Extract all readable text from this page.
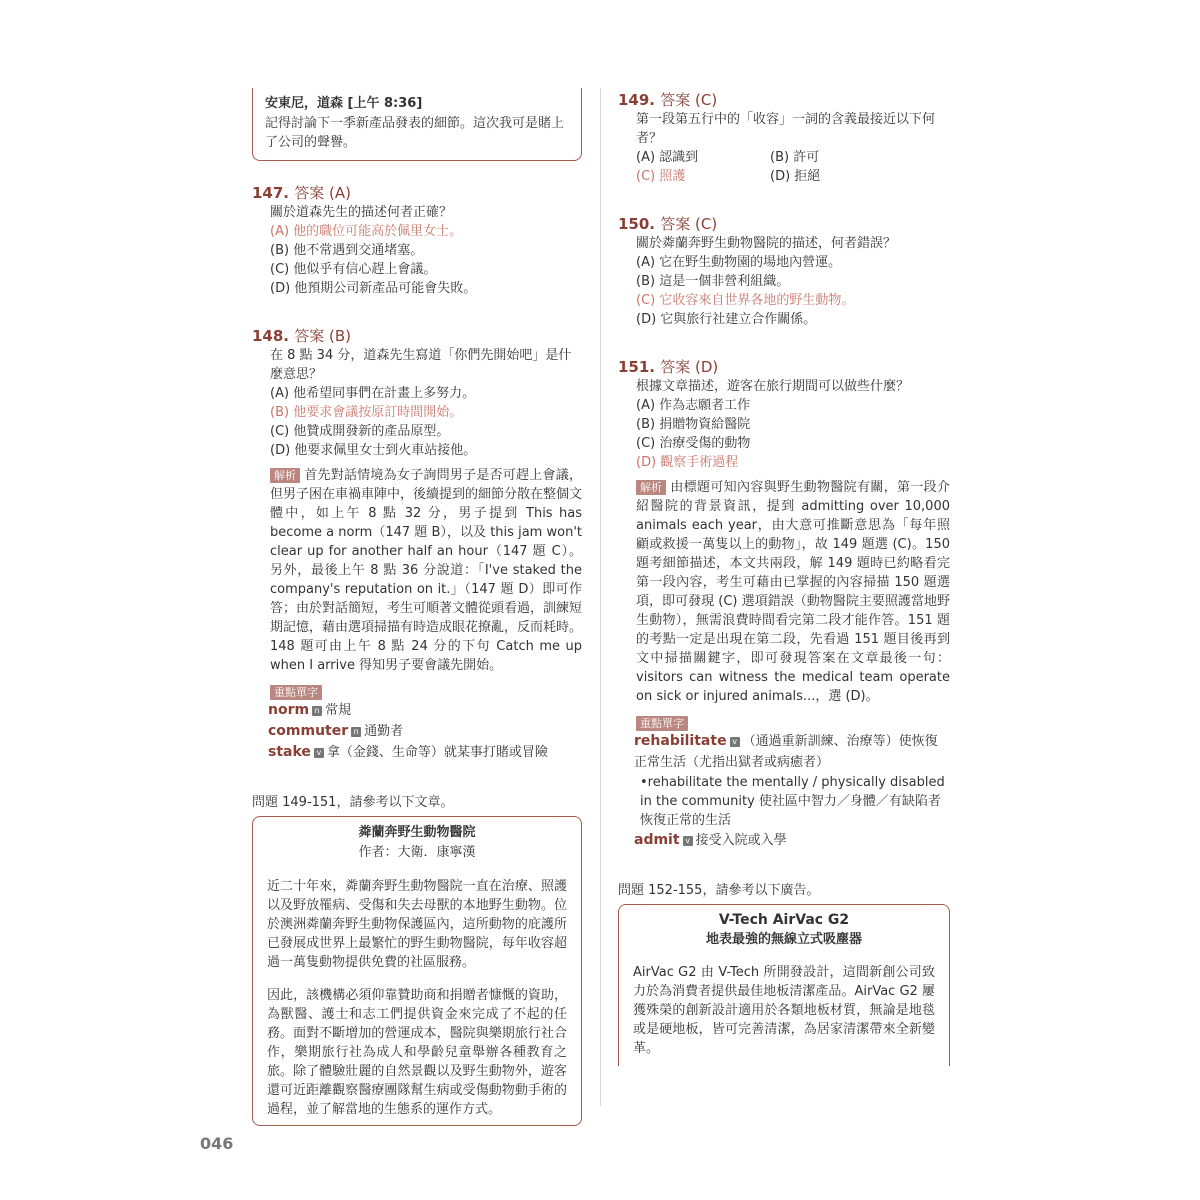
安東尼，道森 [上午 8:36]
記得討論下一季新產品發表的細節。這次我可是賭上了公司的聲譽。
147. 答案 (A)
關於道森先生的描述何者正確？
(A) 他的職位可能高於佩里女士。
(B) 他不常遇到交通堵塞。
(C) 他似乎有信心趕上會議。
(D) 他預期公司新產品可能會失敗。
148. 答案 (B)
在 8 點 34 分，道森先生寫道「你們先開始吧」是什麼意思？
(A) 他希望同事們在計畫上多努力。
(B) 他要求會議按原訂時間開始。
(C) 他贊成開發新的產品原型。
(D) 他要求佩里女士到火車站接他。
解析 首先對話情境為女子詢問男子是否可趕上會議，但男子困在車禍車陣中，後續提到的細節分散在整個文體中，如上午 8 點 32 分，男子提到 This has become a norm（147 題 B），以及 this jam won't clear up for another half an hour（147 題 C）。另外，最後上午 8 點 36 分說道：「I've staked the company's reputation on it.」（147 題 D）即可作答；由於對話簡短，考生可順著文體從頭看過，訓練短期記憶，藉由選項掃描有時造成眼花撩亂，反而耗時。148 題可由上午 8 點 24 分的下句 Catch me up when I arrive 得知男子要會議先開始。
重點單字
norm n 常規
commuter n 通勤者
stake v 拿（金錢、生命等）就某事打賭或冒險
問題 149-151，請參考以下文章。
粦蘭奔野生動物醫院
作者：大衛．康寧漢
近二十年來，粦蘭奔野生動物醫院一直在治療、照護以及野放罹病、受傷和失去母獸的本地野生動物。位於澳洲粦蘭奔野生動物保護區內，這所動物的庇護所已發展成世界上最繁忙的野生動物醫院，每年收容超過一萬隻動物提供免費的社區服務。
因此，該機構必須仰靠贊助商和捐贈者慷慨的資助，為獸醫、護士和志工們提供資金來完成了不起的任務。面對不斷增加的營運成本，醫院與樂期旅行社合作，樂期旅行社為成人和學齡兒童舉辦各種教育之旅。除了體驗壯麗的自然景觀以及野生動物外，遊客還可近距離觀察醫療團隊幫生病或受傷動物動手術的過程，並了解當地的生態系的運作方式。
149. 答案 (C)
第一段第五行中的「收容」一詞的含義最接近以下何者？
(A) 認識到	(B) 許可
(C) 照護	(D) 拒絕
150. 答案 (C)
關於粦蘭奔野生動物醫院的描述，何者錯誤？
(A) 它在野生動物園的場地內營運。
(B) 這是一個非營利組織。
(C) 它收容來自世界各地的野生動物。
(D) 它與旅行社建立合作關係。
151. 答案 (D)
根據文章描述，遊客在旅行期間可以做些什麼？
(A) 作為志願者工作
(B) 捐贈物資給醫院
(C) 治療受傷的動物
(D) 觀察手術過程
解析 由標題可知內容與野生動物醫院有關，第一段介紹醫院的背景資訊，提到 admitting over 10,000 animals each year，由大意可推斷意思為「每年照顧或救援一萬隻以上的動物」，故 149 題選 (C)。150 題考細節描述，本文共兩段，解 149 題時已約略看完第一段內容，考生可藉由已掌握的內容掃描 150 題選項，即可發現 (C) 選項錯誤（動物醫院主要照護當地野生動物），無需浪費時間看完第二段才能作答。151 題的考點一定是出現在第二段，先看過 151 題目後再到文中掃描關鍵字，即可發現答案在文章最後一句：visitors can witness the medical team operate on sick or injured animals...，選 (D)。
重點單字
rehabilitate v （通過重新訓練、治療等）使恢復正常生活（尤指出獄者或病癒者）
•rehabilitate the mentally / physically disabled in the community 使社區中智力／身體／有缺陷者恢復正常的生活
admit v 接受入院或入學
問題 152-155，請參考以下廣告。
V-Tech AirVac G2
地表最強的無線立式吸塵器
AirVac G2 由 V-Tech 所開發設計，這間新創公司致力於為消費者提供最佳地板清潔產品。AirVac G2 屢獲殊榮的創新設計適用於各類地板材質，無論是地毯或是硬地板，皆可完善清潔，為居家清潔帶來全新變革。
046
